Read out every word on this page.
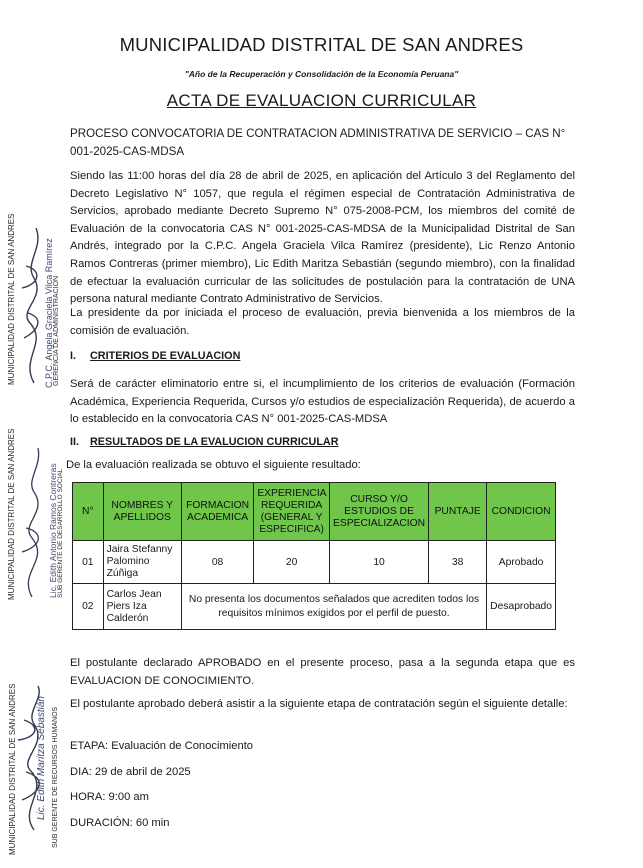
MUNICIPALIDAD DISTRITAL DE SAN ANDRES
"Año de la Recuperación y Consolidación de la Economía Peruana"
ACTA DE EVALUACION CURRICULAR
PROCESO CONVOCATORIA DE CONTRATACION ADMINISTRATIVA DE SERVICIO – CAS N° 001-2025-CAS-MDSA

Siendo las 11:00 horas del día 28 de abril de 2025, en aplicación del Artículo 3 del Reglamento del Decreto Legislativo N° 1057, que regula el régimen especial de Contratación Administrativa de Servicios, aprobado mediante Decreto Supremo N° 075-2008-PCM, los miembros del comité de Evaluación de la convocatoria CAS N° 001-2025-CAS-MDSA de la Municipalidad Distrital de San Andrés, integrado por la C.P.C. Angela Graciela Vilca Ramírez (presidente), Lic Renzo Antonio Ramos Contreras (primer miembro), Lic Edith Maritza Sebastián (segundo miembro), con la finalidad de efectuar la evaluación curricular de las solicitudes de postulación para la contratación de UNA persona natural mediante Contrato Administrativo de Servicios.

La presidente da por iniciada el proceso de evaluación, previa bienvenida a los miembros de la comisión de evaluación.

I. CRITERIOS DE EVALUACION

Será de carácter eliminatorio entre si, el incumplimiento de los criterios de evaluación (Formación Académica, Experiencia Requerida, Cursos y/o estudios de especialización Requerida), de acuerdo a lo establecido en la convocatoria CAS N° 001-2025-CAS-MDSA

II. RESULTADOS DE LA EVALUCION CURRICULAR

De la evaluación realizada se obtuvo el siguiente resultado:

N°	NOMBRES Y APELLIDOS	FORMACION ACADEMICA	EXPERIENCIA REQUERIDA (GENERAL Y ESPECIFICA)	CURSO Y/O ESTUDIOS DE ESPECIALIZACION	PUNTAJE	CONDICION
01	Jaira Stefanny Palomino Zúñiga	08	20	10	38	Aprobado
02	Carlos Jean Piers Iza Calderón	No presenta los documentos señalados que acrediten todos los requisitos mínimos exigidos por el perfil de puesto.				Desaprobado

El postulante declarado APROBADO en el presente proceso, pasa a la segunda etapa que es EVALUACION DE CONOCIMIENTO.

El postulante aprobado deberá asistir a la siguiente etapa de contratación según el siguiente detalle:

ETAPA: Evaluación de Conocimiento

DIA: 29 de abril de 2025

HORA: 9:00 am

DURACIÓN: 60 min

MUNICIPALIDAD DISTRITAL DE SAN ANDRES	C.P.C. Angela Graciela Vilca Ramírez GERENCIA DE ADMINISTRACION
MUNICIPALIDAD DISTRITAL DE SAN ANDRES	Lic. Edith Antonio Ramos Contreras SUB GERENTE DE DESARROLLO SOCIAL
MUNICIPALIDAD DISTRITAL DE SAN ANDRES Lic. Edith Maritza Sebastián SUB GERENTE DE RECURSOS HUMANOS
